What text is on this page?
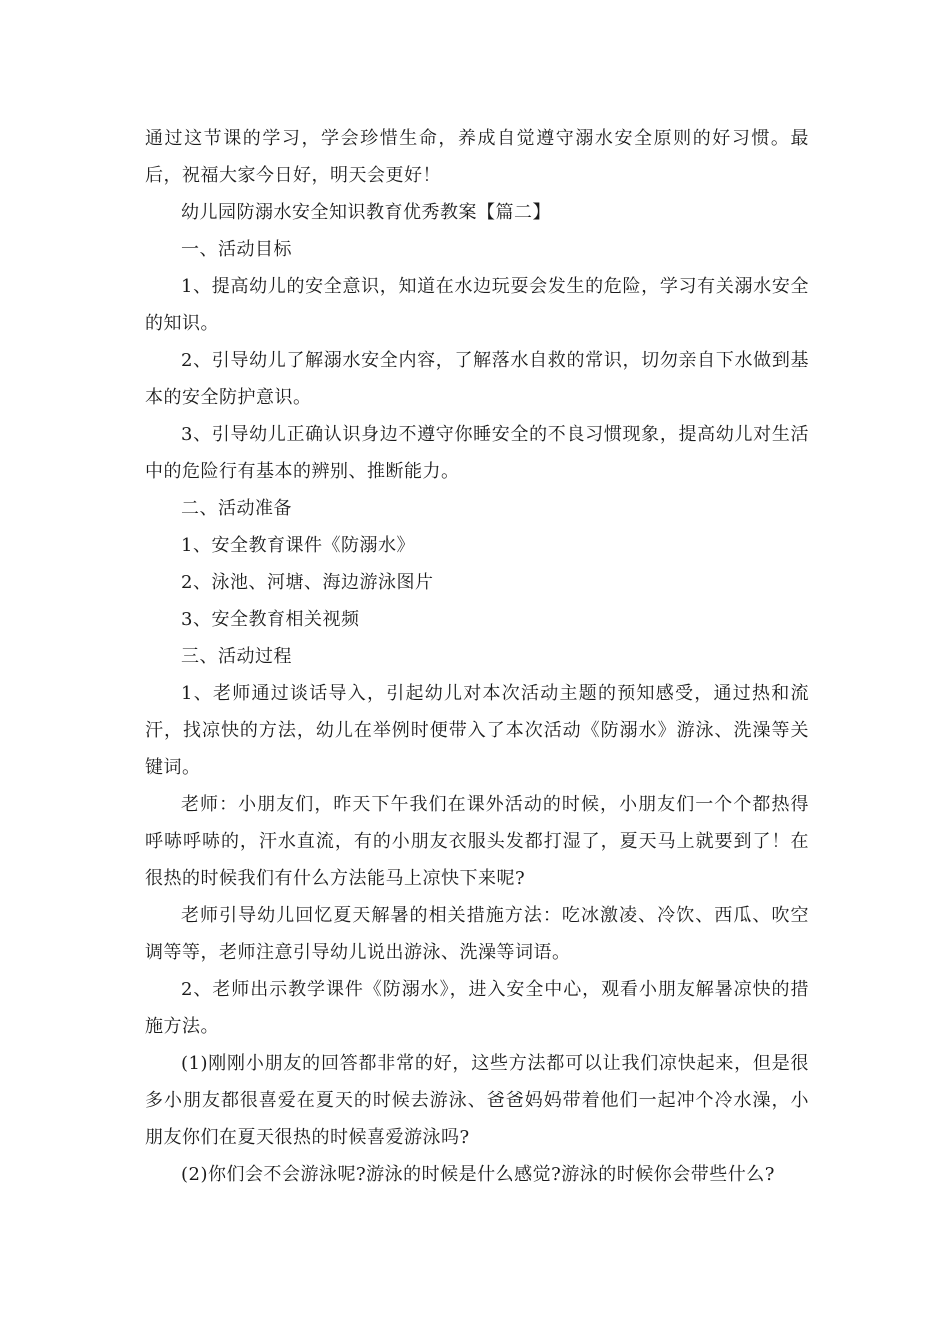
通过这节课的学习，学会珍惜生命，养成自觉遵守溺水安全原则的好习惯。最后，祝福大家今日好，明天会更好！

幼儿园防溺水安全知识教育优秀教案【篇二】

一、活动目标

1、提高幼儿的安全意识，知道在水边玩耍会发生的危险，学习有关溺水安全的知识。

2、引导幼儿了解溺水安全内容，了解落水自救的常识，切勿亲自下水做到基本的安全防护意识。

3、引导幼儿正确认识身边不遵守你睡安全的不良习惯现象，提高幼儿对生活中的危险行有基本的辨别、推断能力。

二、活动准备

1、安全教育课件《防溺水》

2、泳池、河塘、海边游泳图片

3、安全教育相关视频

三、活动过程

1、老师通过谈话导入，引起幼儿对本次活动主题的预知感受，通过热和流汗，找凉快的方法，幼儿在举例时便带入了本次活动《防溺水》游泳、洗澡等关键词。

老师：小朋友们，昨天下午我们在课外活动的时候，小朋友们一个个都热得呼哧呼哧的，汗水直流，有的小朋友衣服头发都打湿了，夏天马上就要到了！在很热的时候我们有什么方法能马上凉快下来呢?

老师引导幼儿回忆夏天解暑的相关措施方法：吃冰激凌、冷饮、西瓜、吹空调等等，老师注意引导幼儿说出游泳、洗澡等词语。

2、老师出示教学课件《防溺水》，进入安全中心，观看小朋友解暑凉快的措施方法。

(1)刚刚小朋友的回答都非常的好，这些方法都可以让我们凉快起来，但是很多小朋友都很喜爱在夏天的时候去游泳、爸爸妈妈带着他们一起冲个冷水澡，小朋友你们在夏天很热的时候喜爱游泳吗?

(2)你们会不会游泳呢?游泳的时候是什么感觉?游泳的时候你会带些什么?
